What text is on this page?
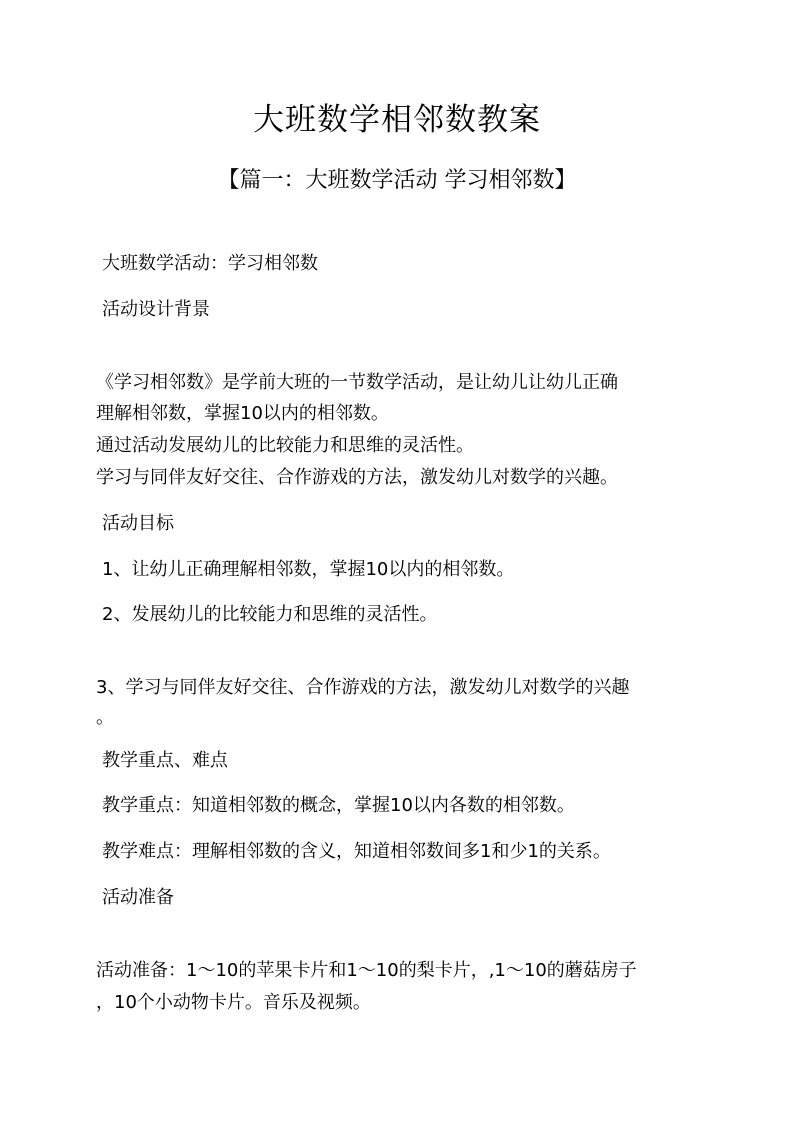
大班数学相邻数教案
【篇一：大班数学活动 学习相邻数】
大班数学活动：学习相邻数
活动设计背景
《学习相邻数》是学前大班的一节数学活动，是让幼儿让幼儿正确
理解相邻数，掌握10以内的相邻数。
通过活动发展幼儿的比较能力和思维的灵活性。
学习与同伴友好交往、合作游戏的方法，激发幼儿对数学的兴趣。
活动目标
1、让幼儿正确理解相邻数，掌握10以内的相邻数。
2、发展幼儿的比较能力和思维的灵活性。
3、学习与同伴友好交往、合作游戏的方法，激发幼儿对数学的兴趣
。
教学重点、难点
教学重点：知道相邻数的概念，掌握10以内各数的相邻数。
教学难点：理解相邻数的含义，知道相邻数间多1和少1的关系。
活动准备
活动准备：1～10的苹果卡片和1～10的梨卡片，,1～10的蘑菇房子
，10个小动物卡片。音乐及视频。
